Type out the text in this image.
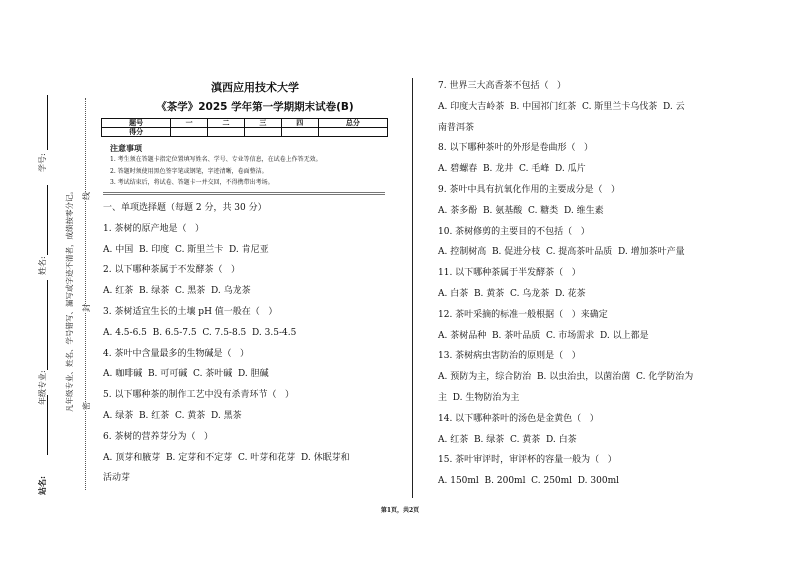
站名:
年级专业:
姓名:
学号:
凡年级专业、姓名、学号错写、漏写或字迹不清者，成绩按零分记。 密
封
线
滇西应用技术大学
《茶学》2025 学年第一学期期末试卷(B)
题号	一	二	三	四	总分
得分					
注意事项
1. 考生须在答题卡指定位置填写姓名、学号、专业等信息，在试卷上作答无效。
2. 答题时须使用黑色签字笔或钢笔，字迹清晰，卷面整洁。
3. 考试结束后，将试卷、答题卡一并交回，不得携带出考场。
一、单项选择题（每题 2 分，共 30 分）
1. 茶树的原产地是（   ）
A. 中国  B. 印度  C. 斯里兰卡  D. 肯尼亚
2. 以下哪种茶属于不发酵茶（   ）
A. 红茶  B. 绿茶  C. 黑茶  D. 乌龙茶
3. 茶树适宜生长的土壤 pH 值一般在（   ）
A. 4.5-6.5  B. 6.5-7.5  C. 7.5-8.5  D. 3.5-4.5
4. 茶叶中含量最多的生物碱是（   ）
A. 咖啡碱  B. 可可碱  C. 茶叶碱  D. 胆碱
5. 以下哪种茶的制作工艺中没有杀青环节（   ）
A. 绿茶  B. 红茶  C. 黄茶  D. 黑茶
6. 茶树的营养芽分为（   ）
A. 顶芽和腋芽  B. 定芽和不定芽  C. 叶芽和花芽  D. 休眠芽和
活动芽
7. 世界三大高香茶不包括（   ）
A. 印度大吉岭茶  B. 中国祁门红茶  C. 斯里兰卡乌伐茶  D. 云
南普洱茶
8. 以下哪种茶叶的外形是卷曲形（   ）
A. 碧螺春  B. 龙井  C. 毛峰  D. 瓜片
9. 茶叶中具有抗氧化作用的主要成分是（   ）
A. 茶多酚  B. 氨基酸  C. 糖类  D. 维生素
10. 茶树修剪的主要目的不包括（   ）
A. 控制树高  B. 促进分枝  C. 提高茶叶品质  D. 增加茶叶产量
11. 以下哪种茶属于半发酵茶（   ）
A. 白茶  B. 黄茶  C. 乌龙茶  D. 花茶
12. 茶叶采摘的标准一般根据（   ）来确定
A. 茶树品种  B. 茶叶品质  C. 市场需求  D. 以上都是
13. 茶树病虫害防治的原则是（   ）
A. 预防为主，综合防治  B. 以虫治虫，以菌治菌  C. 化学防治为
主  D. 生物防治为主
14. 以下哪种茶叶的汤色是金黄色（   ）
A. 红茶  B. 绿茶  C. 黄茶  D. 白茶
15. 茶叶审评时，审评杯的容量一般为（   ）
A. 150ml  B. 200ml  C. 250ml  D. 300ml
第1页，共2页
